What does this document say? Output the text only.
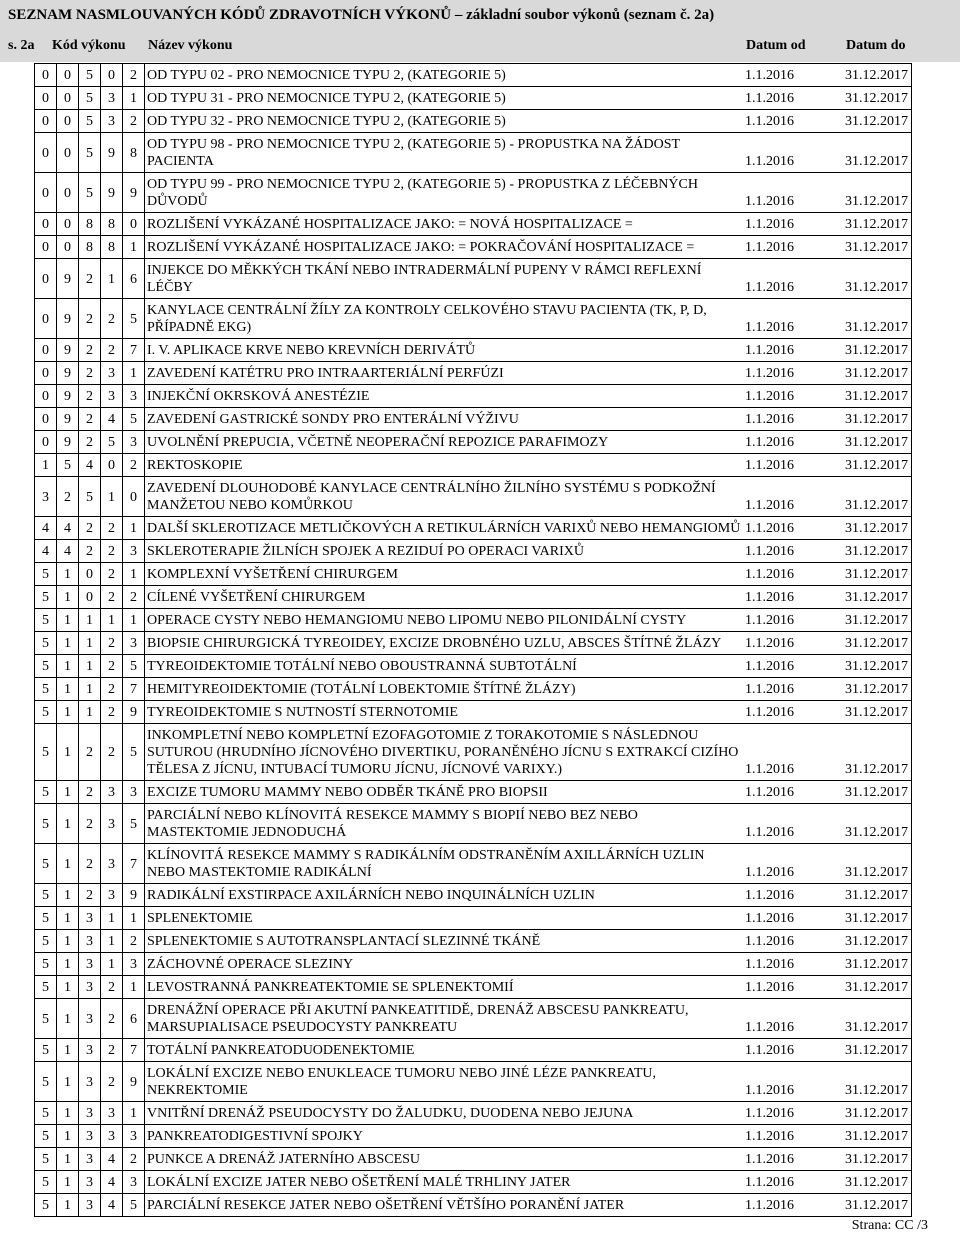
SEZNAM NASMLOUVANÝCH KÓDŮ ZDRAVOTNÍCH VÝKONŮ – základní soubor výkonů (seznam č. 2a)
s. 2a Kód výkonu Název výkonu	Datum od	Datum do
0	0	5	0	2	OD TYPU 02 - PRO NEMOCNICE TYPU 2, (KATEGORIE 5) 1.1.2016 31.12.2017

0	0	5	3	1	OD TYPU 31 - PRO NEMOCNICE TYPU 2, (KATEGORIE 5) 1.1.2016 31.12.2017

0	0	5	3	2	OD TYPU 32 - PRO NEMOCNICE TYPU 2, (KATEGORIE 5) 1.1.2016 31.12.2017

0	0	5	9	8	OD TYPU 98 - PRO NEMOCNICE TYPU 2, (KATEGORIE 5) - PROPUSTKA NA ŽÁDOST PACIENTA 1.1.2016 31.12.2017

0	0	5	9	9	OD TYPU 99 - PRO NEMOCNICE TYPU 2, (KATEGORIE 5) - PROPUSTKA Z LÉČEBNÝCH DŮVODŮ 1.1.2016 31.12.2017

0	0	8	8	0	ROZLIŠENÍ VYKÁZANÉ HOSPITALIZACE JAKO: = NOVÁ HOSPITALIZACE = 1.1.2016 31.12.2017

0	0	8	8	1	ROZLIŠENÍ VYKÁZANÉ HOSPITALIZACE JAKO: = POKRAČOVÁNÍ HOSPITALIZACE = 1.1.2016 31.12.2017

0	9	2	1	6	INJEKCE DO MĚKKÝCH TKÁNÍ NEBO INTRADERMÁLNÍ PUPENY V RÁMCI REFLEXNÍ LÉČBY 1.1.2016 31.12.2017

0	9	2	2	5	KANYLACE CENTRÁLNÍ ŽÍLY ZA KONTROLY CELKOVÉHO STAVU PACIENTA (TK, P, D, PŘÍPADNĚ EKG) 1.1.2016 31.12.2017

0	9	2	2	7	I. V. APLIKACE KRVE NEBO KREVNÍCH DERIVÁTŮ 1.1.2016 31.12.2017

0	9	2	3	1	ZAVEDENÍ KATÉTRU PRO INTRAARTERIÁLNÍ PERFÚZI 1.1.2016 31.12.2017

0	9	2	3	3	INJEKČNÍ OKRSKOVÁ ANESTÉZIE 1.1.2016 31.12.2017

0	9	2	4	5	ZAVEDENÍ GASTRICKÉ SONDY PRO ENTERÁLNÍ VÝŽIVU 1.1.2016 31.12.2017

0	9	2	5	3	UVOLNĚNÍ PREPUCIA, VČETNĚ NEOPERAČNÍ REPOZICE PARAFIMOZY 1.1.2016 31.12.2017

1	5	4	0	2	REKTOSKOPIE 1.1.2016 31.12.2017

3	2	5	1	0	ZAVEDENÍ DLOUHODOBÉ KANYLACE CENTRÁLNÍHO ŽILNÍHO SYSTÉMU S PODKOŽNÍ MANŽETOU NEBO KOMŮRKOU 1.1.2016 31.12.2017

4	4	2	2	1	DALŠÍ SKLEROTIZACE METLIČKOVÝCH A RETIKULÁRNÍCH VARIXŮ NEBO HEMANGIOMŮ 1.1.2016 31.12.2017

4	4	2	2	3	SKLEROTERAPIE ŽILNÍCH SPOJEK A REZIDUÍ PO OPERACI VARIXŮ 1.1.2016 31.12.2017

5	1	0	2	1	KOMPLEXNÍ VYŠETŘENÍ CHIRURGEM 1.1.2016 31.12.2017

5	1	0	2	2	CÍLENÉ VYŠETŘENÍ CHIRURGEM 1.1.2016 31.12.2017

5	1	1	1	1	OPERACE CYSTY NEBO HEMANGIOMU NEBO LIPOMU NEBO PILONIDÁLNÍ CYSTY 1.1.2016 31.12.2017

5	1	1	2	3	BIOPSIE CHIRURGICKÁ TYREOIDEY, EXCIZE DROBNÉHO UZLU, ABSCES ŠTÍTNÉ ŽLÁZY 1.1.2016 31.12.2017

5	1	1	2	5	TYREOIDEKTOMIE TOTÁLNÍ NEBO OBOUSTRANNÁ SUBTOTÁLNÍ 1.1.2016 31.12.2017

5	1	1	2	7	HEMITYREOIDEKTOMIE (TOTÁLNÍ LOBEKTOMIE ŠTÍTNÉ ŽLÁZY) 1.1.2016 31.12.2017

5	1	1	2	9	TYREOIDEKTOMIE S NUTNOSTÍ STERNOTOMIE 1.1.2016 31.12.2017

5	1	2	2	5	INKOMPLETNÍ NEBO KOMPLETNÍ EZOFAGOTOMIE Z TORAKOTOMIE S NÁSLEDNOU SUTUROU (HRUDNÍHO JÍCNOVÉHO DIVERTIKU, PORANĚNÉHO JÍCNU S EXTRAKCÍ CIZÍHO TĚLESA Z JÍCNU, INTUBACÍ TUMORU JÍCNU, JÍCNOVÉ VARIXY.) 1.1.2016 31.12.2017

5	1	2	3	3	EXCIZE TUMORU MAMMY NEBO ODBĚR TKÁNĚ PRO BIOPSII 1.1.2016 31.12.2017

5	1	2	3	5	PARCIÁLNÍ NEBO KLÍNOVITÁ RESEKCE MAMMY S BIOPIÍ NEBO BEZ NEBO MASTEKTOMIE JEDNODUCHÁ 1.1.2016 31.12.2017

5	1	2	3	7	KLÍNOVITÁ RESEKCE MAMMY S RADIKÁLNÍM ODSTRANĚNÍM AXILLÁRNÍCH UZLIN NEBO MASTEKTOMIE RADIKÁLNÍ 1.1.2016 31.12.2017

5	1	2	3	9	RADIKÁLNÍ EXSTIRPACE AXILÁRNÍCH NEBO INQUINÁLNÍCH UZLIN 1.1.2016 31.12.2017

5	1	3	1	1	SPLENEKTOMIE 1.1.2016 31.12.2017

5	1	3	1	2	SPLENEKTOMIE S AUTOTRANSPLANTACÍ SLEZINNÉ TKÁNĚ 1.1.2016 31.12.2017

5	1	3	1	3	ZÁCHOVNÉ OPERACE SLEZINY 1.1.2016 31.12.2017

5	1	3	2	1	LEVOSTRANNÁ PANKREATEKTOMIE SE SPLENEKTOMIÍ 1.1.2016 31.12.2017

5	1	3	2	6	DRENÁŽNÍ OPERACE PŘI AKUTNÍ PANKEATITIDĚ, DRENÁŽ ABSCESU PANKREATU, MARSUPIALISACE PSEUDOCYSTY PANKREATU 1.1.2016 31.12.2017

5	1	3	2	7	TOTÁLNÍ PANKREATODUODENEKTOMIE 1.1.2016 31.12.2017

5	1	3	2	9	LOKÁLNÍ EXCIZE NEBO ENUKLEACE TUMORU NEBO JINÉ LÉZE PANKREATU, NEKREKTOMIE 1.1.2016 31.12.2017

5	1	3	3	1	VNITŘNÍ DRENÁŽ PSEUDOCYSTY DO ŽALUDKU, DUODENA NEBO JEJUNA 1.1.2016 31.12.2017

5	1	3	3	3	PANKREATODIGESTIVNÍ SPOJKY 1.1.2016 31.12.2017

5	1	3	4	2	PUNKCE A DRENÁŽ JATERNÍHO ABSCESU 1.1.2016 31.12.2017

5	1	3	4	3	LOKÁLNÍ EXCIZE JATER NEBO OŠETŘENÍ MALÉ TRHLINY JATER 1.1.2016 31.12.2017

5	1	3	4	5	PARCIÁLNÍ RESEKCE JATER NEBO OŠETŘENÍ VĚTŠÍHO PORANĚNÍ JATER 1.1.2016 31.12.2017
Strana: CC /3
